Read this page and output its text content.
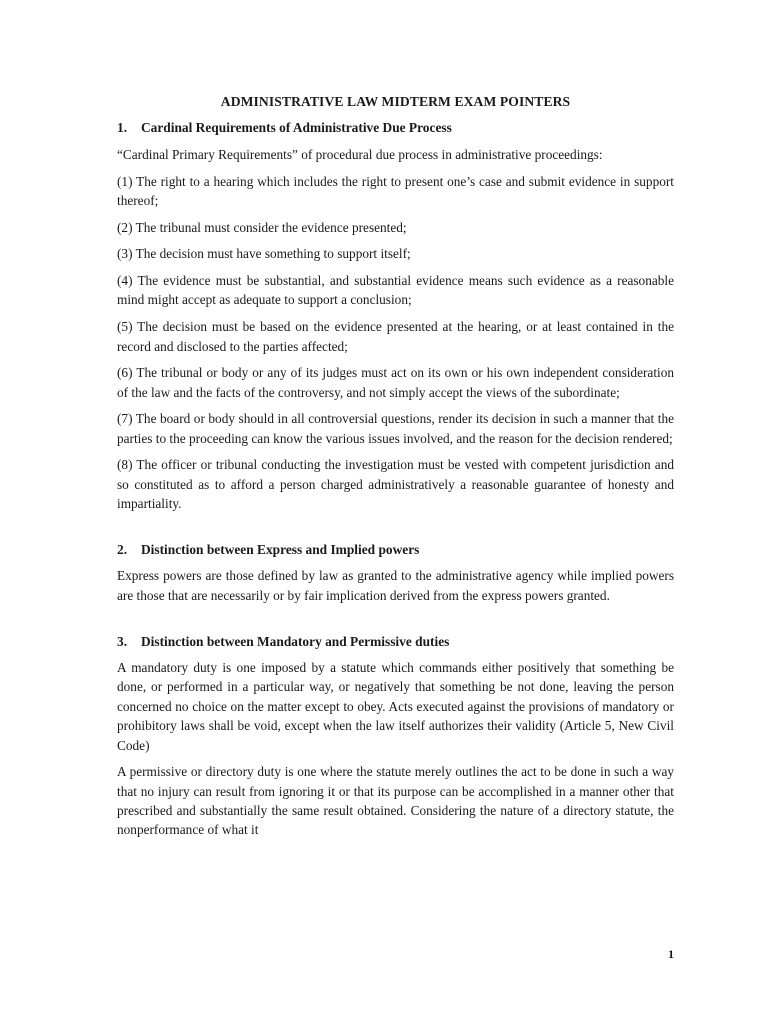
ADMINISTRATIVE LAW MIDTERM EXAM POINTERS
1.	Cardinal Requirements of Administrative Due Process

“Cardinal Primary Requirements” of procedural due process in administrative proceedings:

(1) The right to a hearing which includes the right to present one’s case and submit evidence in support thereof;

(2) The tribunal must consider the evidence presented;

(3) The decision must have something to support itself;

(4) The evidence must be substantial, and substantial evidence means such evidence as a reasonable mind might accept as adequate to support a conclusion;

(5) The decision must be based on the evidence presented at the hearing, or at least contained in the record and disclosed to the parties affected;

(6) The tribunal or body or any of its judges must act on its own or his own independent consideration of the law and the facts of the controversy, and not simply accept the views of the subordinate;

(7) The board or body should in all controversial questions, render its decision in such a manner that the parties to the proceeding can know the various issues involved, and the reason for the decision rendered;

(8) The officer or tribunal conducting the investigation must be vested with competent jurisdiction and so constituted as to afford a person charged administratively a reasonable guarantee of honesty and impartiality.

2.	Distinction between Express and Implied powers

Express powers are those defined by law as granted to the administrative agency while implied powers are those that are necessarily or by fair implication derived from the express powers granted.

3.	Distinction between Mandatory and Permissive duties

A mandatory duty is one imposed by a statute which commands either positively that something be done, or performed in a particular way, or negatively that something be not done, leaving the person concerned no choice on the matter except to obey. Acts executed against the provisions of mandatory or prohibitory laws shall be void, except when the law itself authorizes their validity (Article 5, New Civil Code)

A permissive or directory duty is one where the statute merely outlines the act to be done in such a way that no injury can result from ignoring it or that its purpose can be accomplished in a manner other that prescribed and substantially the same result obtained. Considering the nature of a directory statute, the nonperformance of what it

1
